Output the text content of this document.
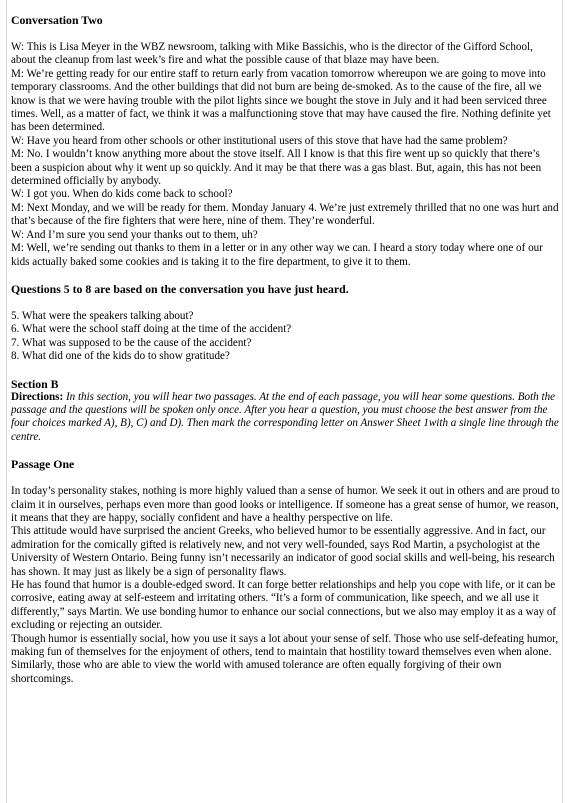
Conversation Two

W: This is Lisa Meyer in the WBZ newsroom, talking with Mike Bassichis, who is the director of the Gifford School, about the cleanup from last week’s fire and what the possible cause of that blaze may have been.

M: We’re getting ready for our entire staff to return early from vacation tomorrow whereupon we are going to move into temporary classrooms. And the other buildings that did not burn are being de-smoked. As to the cause of the fire, all we know is that we were having trouble with the pilot lights since we bought the stove in July and it had been serviced three times. Well, as a matter of fact, we think it was a malfunctioning stove that may have caused the fire. Nothing definite yet has been determined.

W: Have you heard from other schools or other institutional users of this stove that have had the same problem?

M: No. I wouldn’t know anything more about the stove itself. All I know is that this fire went up so quickly that there’s been a suspicion about why it went up so quickly. And it may be that there was a gas blast. But, again, this has not been determined officially by anybody.

W: I got you. When do kids come back to school?

M: Next Monday, and we will be ready for them. Monday January 4. We’re just extremely thrilled that no one was hurt and that’s because of the fire fighters that were here, nine of them. They’re wonderful.

W: And I’m sure you send your thanks out to them, uh?

M: Well, we’re sending out thanks to them in a letter or in any other way we can. I heard a story today where one of our kids actually baked some cookies and is taking it to the fire department, to give it to them.

Questions 5 to 8 are based on the conversation you have just heard.

5. What were the speakers talking about?

6. What were the school staff doing at the time of the accident?

7. What was supposed to be the cause of the accident?

8. What did one of the kids do to show gratitude?

Section B

Directions: In this section, you will hear two passages. At the end of each passage, you will hear some questions. Both the passage and the questions will be spoken only once. After you hear a question, you must choose the best answer from the four choices marked A), B), C) and D). Then mark the corresponding letter on Answer Sheet 1with a single line through the centre.

Passage One

In today’s personality stakes, nothing is more highly valued than a sense of humor. We seek it out in others and are proud to claim it in ourselves, perhaps even more than good looks or intelligence. If someone has a great sense of humor, we reason, it means that they are happy, socially confident and have a healthy perspective on life.

This attitude would have surprised the ancient Greeks, who believed humor to be essentially aggressive. And in fact, our admiration for the comically gifted is relatively new, and not very well-founded, says Rod Martin, a psychologist at the University of Western Ontario. Being funny isn’t necessarily an indicator of good social skills and well-being, his research has shown. It may just as likely be a sign of personality flaws.

He has found that humor is a double-edged sword. It can forge better relationships and help you cope with life, or it can be corrosive, eating away at self-esteem and irritating others. “It’s a form of communication, like speech, and we all use it differently,” says Martin. We use bonding humor to enhance our social connections, but we also may employ it as a way of excluding or rejecting an outsider.

Though humor is essentially social, how you use it says a lot about your sense of self. Those who use self-defeating humor, making fun of themselves for the enjoyment of others, tend to maintain that hostility toward themselves even when alone. Similarly, those who are able to view the world with amused tolerance are often equally forgiving of their own shortcomings.
